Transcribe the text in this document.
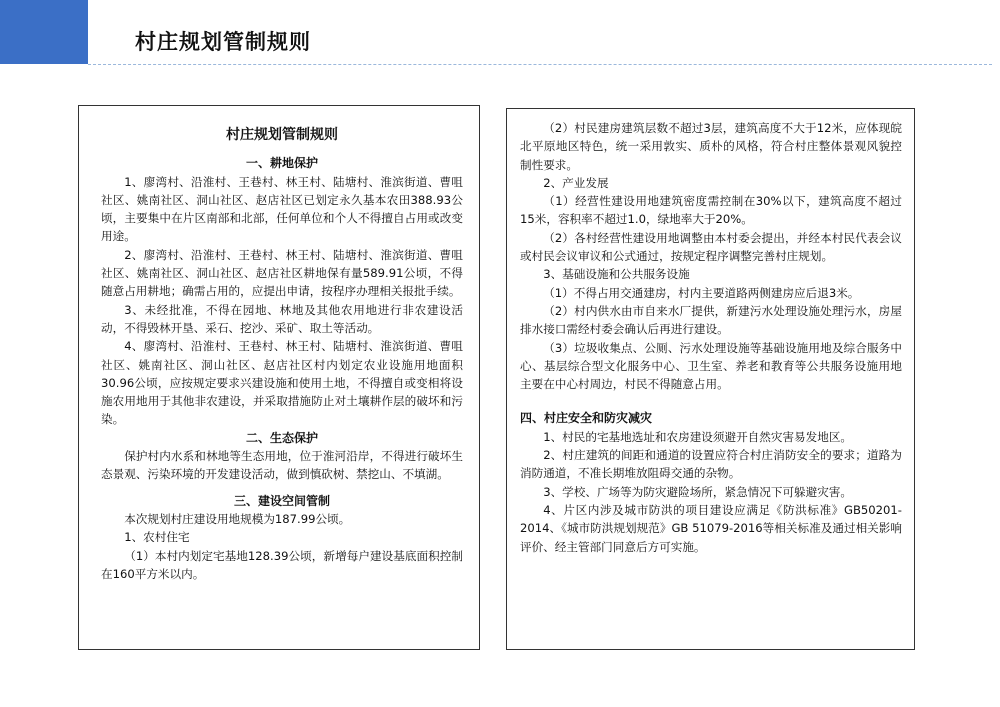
村庄规划管制规则
村庄规划管制规则
一、耕地保护
1、廖湾村、沿淮村、王巷村、林王村、陆塘村、淮滨街道、曹咀社区、姚南社区、洞山社区、赵店社区已划定永久基本农田388.93公顷，主要集中在片区南部和北部，任何单位和个人不得擅自占用或改变用途。
2、廖湾村、沿淮村、王巷村、林王村、陆塘村、淮滨街道、曹咀社区、姚南社区、洞山社区、赵店社区耕地保有量589.91公顷，不得随意占用耕地；确需占用的，应提出申请，按程序办理相关报批手续。
3、未经批准，不得在园地、林地及其他农用地进行非农建设活动，不得毁林开垦、采石、挖沙、采矿、取土等活动。
4、廖湾村、沿淮村、王巷村、林王村、陆塘村、淮滨街道、曹咀社区、姚南社区、洞山社区、赵店社区村内划定农业设施用地面积30.96公顷，应按规定要求兴建设施和使用土地，不得擅自或变相将设施农用地用于其他非农建设，并采取措施防止对土壤耕作层的破坏和污染。
二、生态保护
保护村内水系和林地等生态用地，位于淮河沿岸，不得进行破坏生态景观、污染环境的开发建设活动，做到慎砍树、禁挖山、不填湖。
三、建设空间管制
本次规划村庄建设用地规模为187.99公顷。
1、农村住宅
（1）本村内划定宅基地128.39公顷，新增每户建设基底面积控制在160平方米以内。
（2）村民建房建筑层数不超过3层，建筑高度不大于12米，应体现皖北平原地区特色，统一采用敦实、质朴的风格，符合村庄整体景观风貌控制性要求。
2、产业发展
（1）经营性建设用地建筑密度需控制在30%以下，建筑高度不超过15米，容积率不超过1.0，绿地率大于20%。
（2）各村经营性建设用地调整由本村委会提出，并经本村民代表会议或村民会议审议和公式通过，按规定程序调整完善村庄规划。
3、基础设施和公共服务设施
（1）不得占用交通建房，村内主要道路两侧建房应后退3米。
（2）村内供水由市自来水厂提供，新建污水处理设施处理污水，房屋排水接口需经村委会确认后再进行建设。
（3）垃圾收集点、公厕、污水处理设施等基础设施用地及综合服务中心、基层综合型文化服务中心、卫生室、养老和教育等公共服务设施用地主要在中心村周边，村民不得随意占用。
四、村庄安全和防灾减灾
1、村民的宅基地选址和农房建设须避开自然灾害易发地区。
2、村庄建筑的间距和通道的设置应符合村庄消防安全的要求；道路为消防通道，不准长期堆放阻碍交通的杂物。
3、学校、广场等为防灾避险场所，紧急情况下可躲避灾害。
4、片区内涉及城市防洪的项目建设应满足《防洪标准》GB50201-2014、《城市防洪规划规范》GB 51079-2016等相关标准及通过相关影响评价、经主管部门同意后方可实施。
